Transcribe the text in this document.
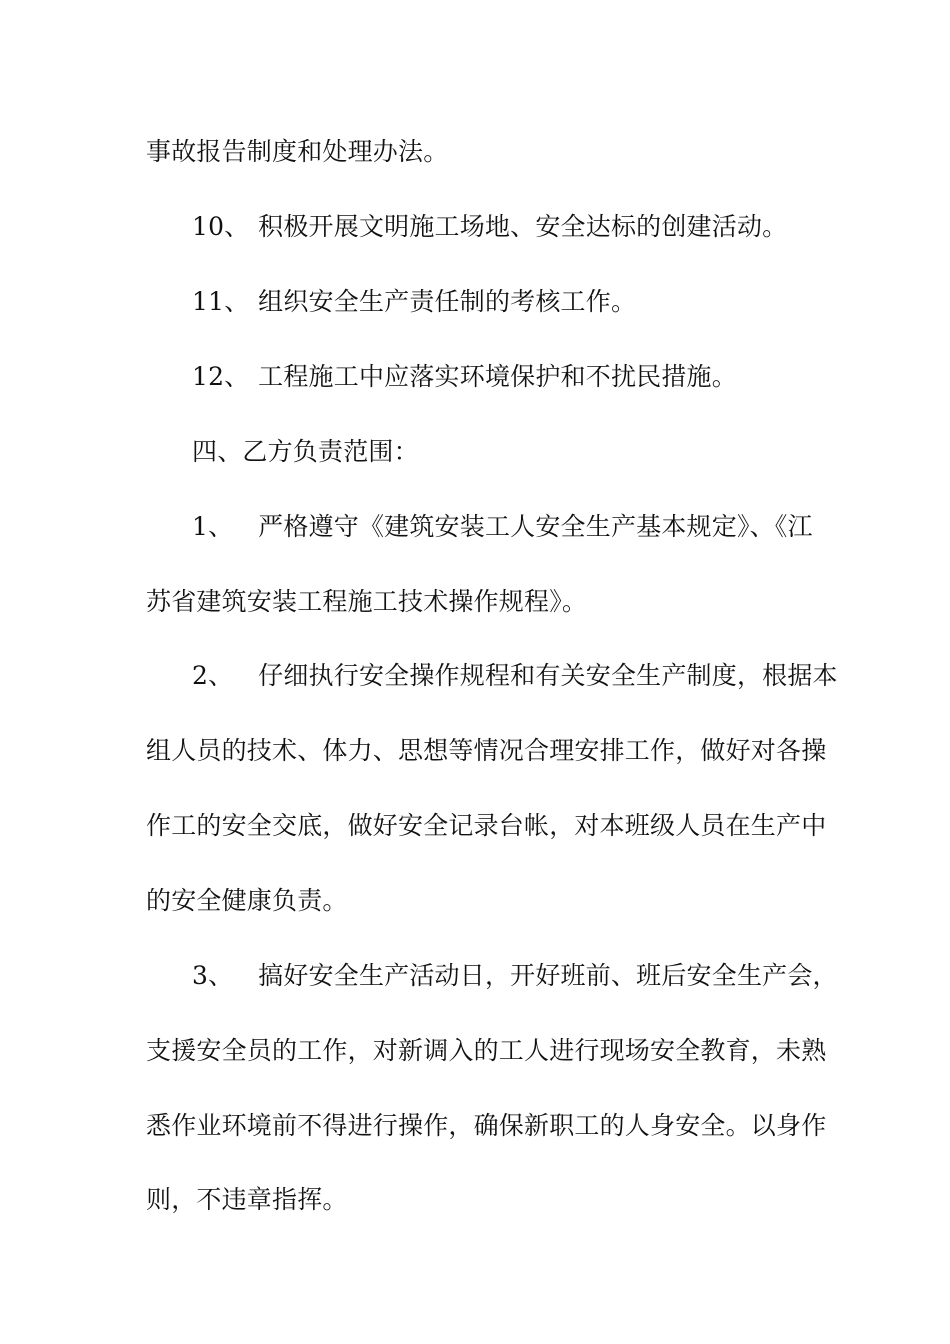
事故报告制度和处理办法。
10、 积极开展文明施工场地、安全达标的创建活动。
11、 组织安全生产责任制的考核工作。
12、 工程施工中应落实环境保护和不扰民措施。
四、乙方负责范围：
1、 严格遵守《建筑安装工人安全生产基本规定》、《江
苏省建筑安装工程施工技术操作规程》。
2、 仔细执行安全操作规程和有关安全生产制度，根据本
组人员的技术、体力、思想等情况合理安排工作，做好对各操
作工的安全交底，做好安全记录台帐，对本班级人员在生产中
的安全健康负责。
3、 搞好安全生产活动日，开好班前、班后安全生产会，
支援安全员的工作，对新调入的工人进行现场安全教育，未熟
悉作业环境前不得进行操作，确保新职工的人身安全。以身作
则，不违章指挥。
